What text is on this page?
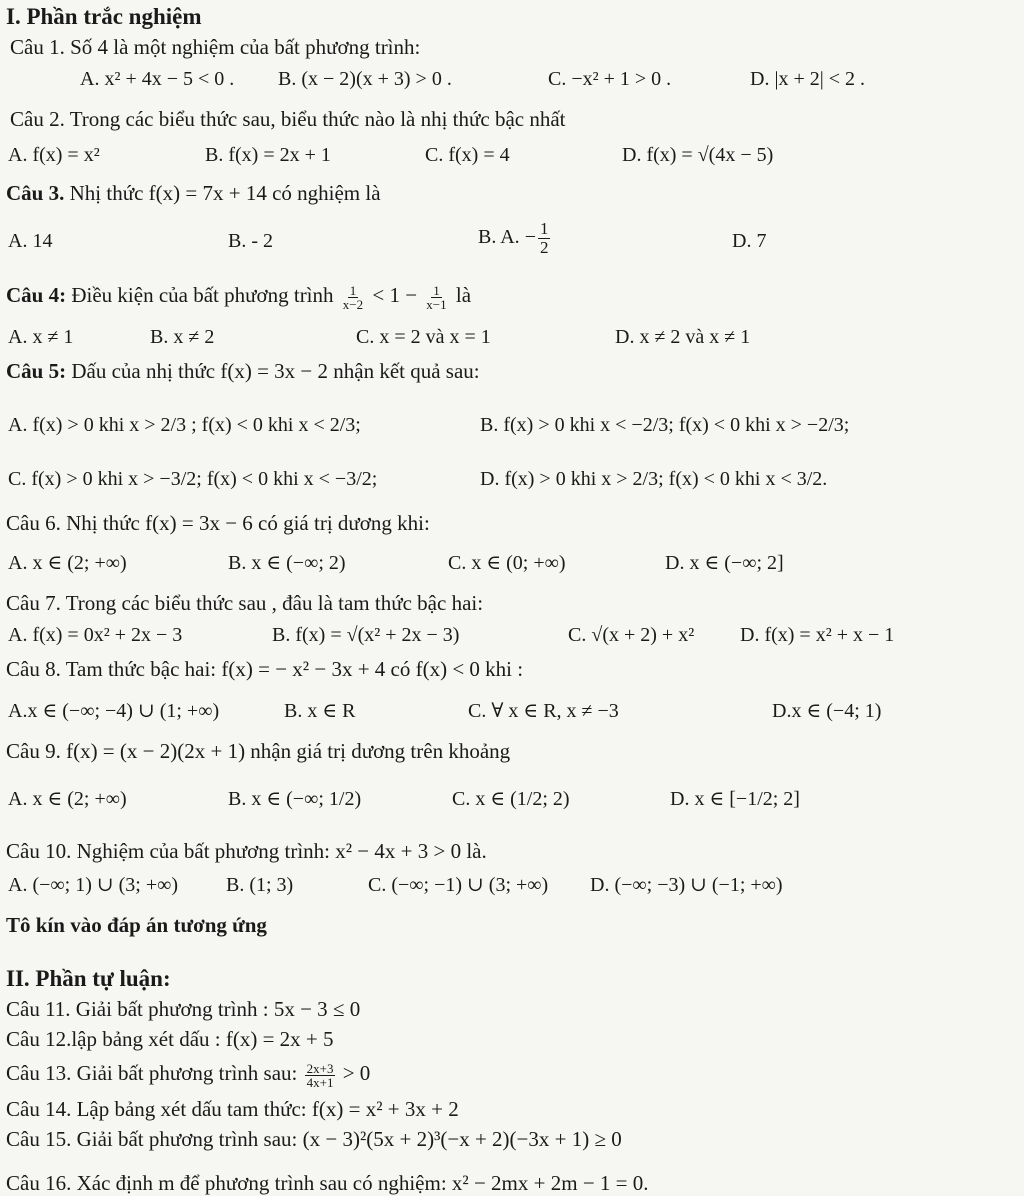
I. Phần trắc nghiệm
Câu 1. Số 4 là một nghiệm của bất phương trình:
A. x² + 4x − 5 < 0 . B. (x − 2)(x + 3) > 0 .	C. −x² + 1 > 0 .	D. |x + 2| < 2 .
Câu 2. Trong các biểu thức sau, biểu thức nào là nhị thức bậc nhất
A. f(x) = x²	B. f(x) = 2x + 1	C. f(x) = 4	D. f(x) = √(4x − 5)
Câu 3. Nhị thức f(x) = 7x + 14 có nghiệm là
A. 14	B. - 2	B. A. − $\frac{1}{2}$	D. 7
Câu 4: Điều kiện của bất phương trình $\frac{1}{x-2} < 1 - \frac{1}{x-1}$ là
A. x ≠ 1	B. x ≠ 2	C. x = 2 và x = 1	D. x ≠ 2 và x ≠ 1
Câu 5: Dấu của nhị thức f(x) = 3x − 2 nhận kết quả sau:
A. f(x) > 0 khi x > 2/3 ; f(x) < 0 khi x < 2/3;	B. f(x) > 0 khi x < −2/3; f(x) < 0 khi x > −2/3;
C. f(x) > 0 khi x > −3/2; f(x) < 0 khi x < −3/2;	D. f(x) > 0 khi x > 2/3; f(x) < 0 khi x < 3/2.
Câu 6. Nhị thức f(x) = 3x − 6 có giá trị dương khi:
A. x ∈ (2; +∞)	B. x ∈ (−∞; 2)	C. x ∈ (0; +∞)	D. x ∈ (−∞; 2]
Câu 7. Trong các biểu thức sau , đâu là tam thức bậc hai:
A. f(x) = 0x² + 2x − 3	B. f(x) = √(x² + 2x − 3)	C. √(x + 2) + x² D. f(x) = x² + x − 1
Câu 8. Tam thức bậc hai: f(x) = − x² − 3x + 4 có f(x) < 0 khi :
A.x ∈ (−∞; −4) ∪ (1; +∞)	B. x ∈ R	C. ∀ x ∈ R, x ≠ −3	D.x ∈ (−4; 1)
Câu 9. f(x) = (x − 2)(2x + 1) nhận giá trị dương trên khoảng
A. x ∈ (2; +∞)	B. x ∈ (−∞; 1/2)	C. x ∈ (1/2; 2)	D. x ∈ [−1/2; 2]
Câu 10. Nghiệm của bất phương trình: x² − 4x + 3 > 0 là.
A. (−∞; 1) ∪ (3; +∞) B. (1; 3)	C. (−∞; −1) ∪ (3; +∞) D. (−∞; −3) ∪ (−1; +∞)
Tô kín vào đáp án tương ứng
II. Phần tự luận:
Câu 11. Giải bất phương trình : 5x − 3 ≤ 0
Câu 12.lập bảng xét dấu : f(x) = 2x + 5
Câu 13. Giải bất phương trình sau: $\frac{2x+3}{4x+1} > 0$
Câu 14. Lập bảng xét dấu tam thức: f(x) = x² + 3x + 2
Câu 15. Giải bất phương trình sau: (x − 3)²(5x + 2)³(−x + 2)(−3x + 1) ≥ 0
Câu 16. Xác định m để phương trình sau có nghiệm: x² − 2mx + 2m − 1 = 0.
